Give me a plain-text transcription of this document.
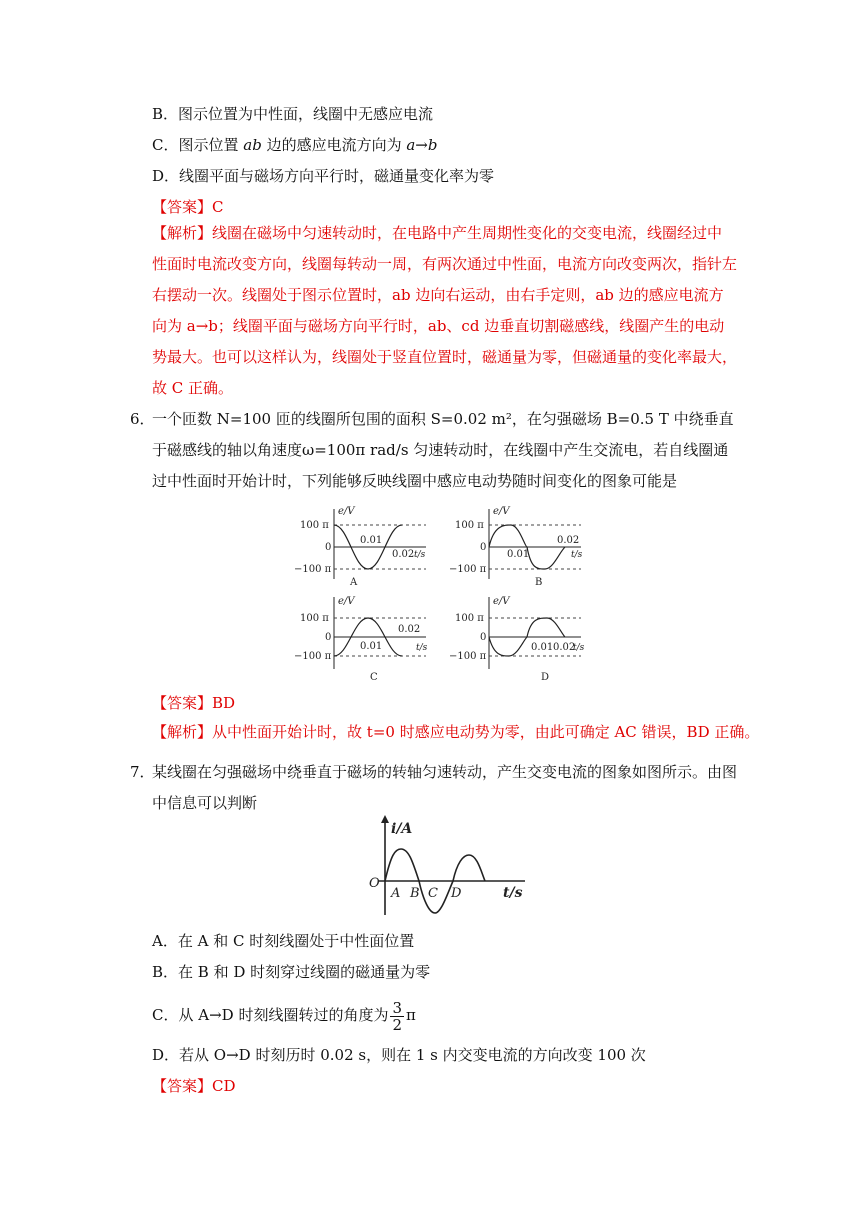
B．图示位置为中性面，线圈中无感应电流
C．图示位置 ab 边的感应电流方向为 a→b
D．线圈平面与磁场方向平行时，磁通量变化率为零
【答案】C
【解析】线圈在磁场中匀速转动时，在电路中产生周期性变化的交变电流，线圈经过中性面时电流改变方向，线圈每转动一周，有两次通过中性面，电流方向改变两次，指针左右摆动一次。线圈处于图示位置时，ab 边向右运动，由右手定则，ab 边的感应电流方向为 a→b；线圈平面与磁场方向平行时，ab、cd 边垂直切割磁感线，线圈产生的电动势最大。也可以这样认为，线圈处于竖直位置时，磁通量为零，但磁通量的变化率最大，故 C 正确。
6．
一个匝数 N=100 匝的线圈所包围的面积 S=0.02 m²，在匀强磁场 B=0.5 T 中绕垂直于磁感线的轴以角速度ω=100π rad/s 匀速转动时，在线圈中产生交流电，若自线圈通过中性面时开始计时，下列能够反映线圈中感应电动势随时间变化的图象可能是
e/V
100 π
0
−100 π
0.01
0.02 t/s
A
e/V
100 π
0
−100 π
0.01
0.02
t/s
B
e/V
100 π
0
−100 π
0.01
0.02
t/s
C
e/V
100 π
0
−100 π
0.01 0.02
t/s
D
【答案】BD
【解析】从中性面开始计时，故 t=0 时感应电动势为零，由此可确定 AC 错误，BD 正确。
7．
某线圈在匀强磁场中绕垂直于磁场的转轴匀速转动，产生交变电流的图象如图所示。由图中信息可以判断
i/A
O
A B C D	t/s
A．在 A 和 C 时刻线圈处于中性面位置
B．在 B 和 D 时刻穿过线圈的磁通量为零
C．从 A→D 时刻线圈转过的角度为 $\frac{3}{2}$ π
D．若从 O→D 时刻历时 0.02 s，则在 1 s 内交变电流的方向改变 100 次
【答案】CD
